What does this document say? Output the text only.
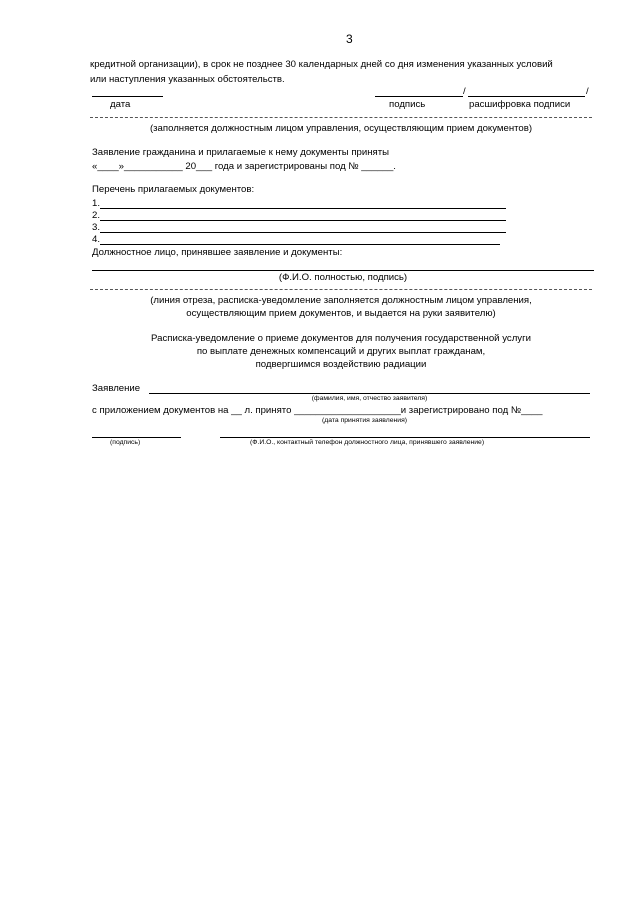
3
кредитной организации), в срок не позднее 30 календарных дней со дня изменения указанных условий
или наступления указанных обстоятельств.
/	/
дата	подпись	расшифровка подписи
(заполняется должностным лицом управления, осуществляющим прием документов)
Заявление гражданина и прилагаемые к нему документы приняты
«____»___________ 20___ года и зарегистрированы под № ______.
Перечень прилагаемых документов:
1.
2.
3.
4.
Должностное лицо, принявшее заявление и документы:
(Ф.И.О. полностью, подпись)
(линия отреза, расписка-уведомление заполняется должностным лицом управления,
осуществляющим прием документов, и выдается на руки заявителю)
Расписка-уведомление о приеме документов для получения государственной услуги
по выплате денежных компенсаций и других выплат гражданам,
подвергшимся воздействию радиации
Заявление
(фамилия, имя, отчество заявителя)
с приложением документов на __ л. принято ____________________и зарегистрировано под №____
(дата принятия заявления)
(подпись)	(Ф.И.О., контактный телефон должностного лица, принявшего заявление)
